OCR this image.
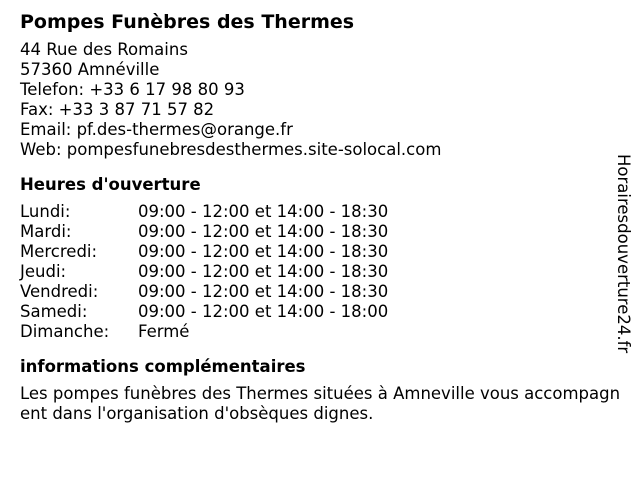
Pompes Funèbres des Thermes
44 Rue des Romains
57360 Amnéville
Telefon: +33 6 17 98 80 93
Fax: +33 3 87 71 57 82
Email: pf.des-thermes@orange.fr
Web: pompesfunebresdesthermes.site-solocal.com
Heures d'ouverture
Lundi:	09:00 - 12:00 et 14:00 - 18:30
Mardi:	09:00 - 12:00 et 14:00 - 18:30
Mercredi:	09:00 - 12:00 et 14:00 - 18:30
Jeudi:	09:00 - 12:00 et 14:00 - 18:30
Vendredi:	09:00 - 12:00 et 14:00 - 18:30
Samedi:	09:00 - 12:00 et 14:00 - 18:00
Dimanche:	Fermé
informations complémentaires
Les pompes funèbres des Thermes situées à Amneville vous accompagnent dans l'organisation d'obsèques dignes.
Horairesdouverture24.fr
